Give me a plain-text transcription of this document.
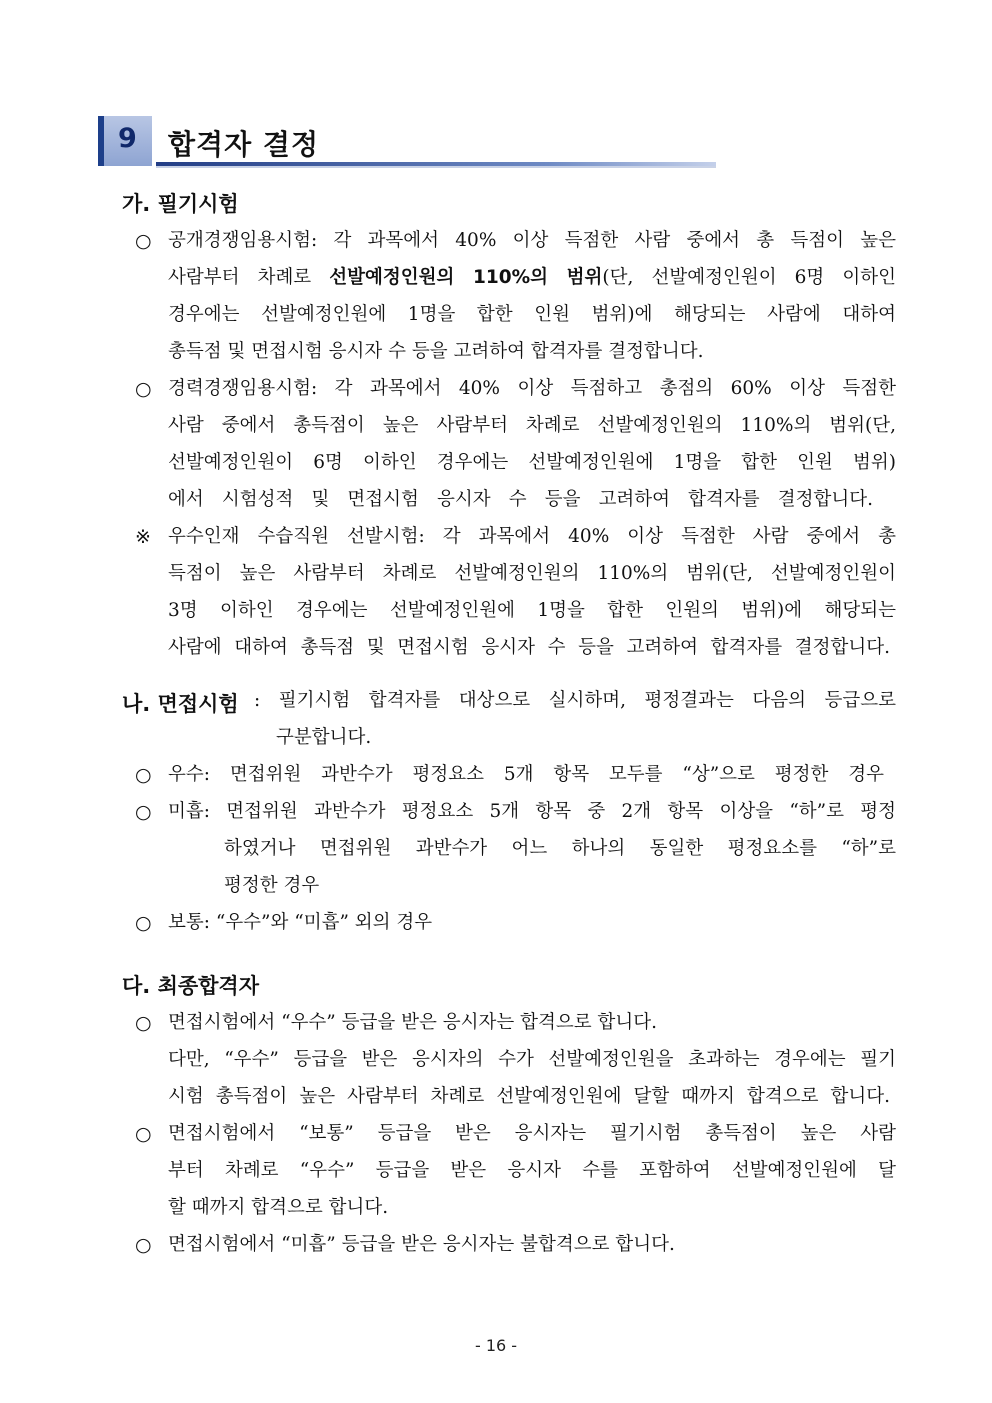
9 합격자 결정
가. 필기시험
○ 공개경쟁임용시험: 각 과목에서 40% 이상 득점한 사람 중에서 총 득점이 높은
사람부터 차례로 선발예정인원의 110%의 범위(단, 선발예정인원이 6명 이하인
경우에는 선발예정인원에 1명을 합한 인원 범위)에 해당되는 사람에 대하여
총득점 및 면접시험 응시자 수 등을 고려하여 합격자를 결정합니다.
○ 경력경쟁임용시험: 각 과목에서 40% 이상 득점하고 총점의 60% 이상 득점한
사람 중에서 총득점이 높은 사람부터 차례로 선발예정인원의 110%의 범위(단,
선발예정인원이 6명 이하인 경우에는 선발예정인원에 1명을 합한 인원 범위)
에서 시험성적 및 면접시험 응시자 수 등을 고려하여 합격자를 결정합니다.
※ 우수인재 수습직원 선발시험: 각 과목에서 40% 이상 득점한 사람 중에서 총
득점이 높은 사람부터 차례로 선발예정인원의 110%의 범위(단, 선발예정인원이
3명 이하인 경우에는 선발예정인원에 1명을 합한 인원의 범위)에 해당되는
사람에 대하여 총득점 및 면접시험 응시자 수 등을 고려하여 합격자를 결정합니다.
나. 면접시험 : 필기시험 합격자를 대상으로 실시하며, 평정결과는 다음의 등급으로
구분합니다.
○ 우수: 면접위원 과반수가 평정요소 5개 항목 모두를 “상”으로 평정한 경우
○ 미흡: 면접위원 과반수가 평정요소 5개 항목 중 2개 항목 이상을 “하”로 평정
하였거나 면접위원 과반수가 어느 하나의 동일한 평정요소를 “하”로
평정한 경우
○ 보통: “우수”와 “미흡” 외의 경우
다. 최종합격자
○ 면접시험에서 “우수” 등급을 받은 응시자는 합격으로 합니다.
다만, “우수” 등급을 받은 응시자의 수가 선발예정인원을 초과하는 경우에는 필기
시험 총득점이 높은 사람부터 차례로 선발예정인원에 달할 때까지 합격으로 합니다.
○ 면접시험에서 “보통” 등급을 받은 응시자는 필기시험 총득점이 높은 사람
부터 차례로 “우수” 등급을 받은 응시자 수를 포함하여 선발예정인원에 달
할 때까지 합격으로 합니다.
○ 면접시험에서 “미흡” 등급을 받은 응시자는 불합격으로 합니다.
- 16 -
